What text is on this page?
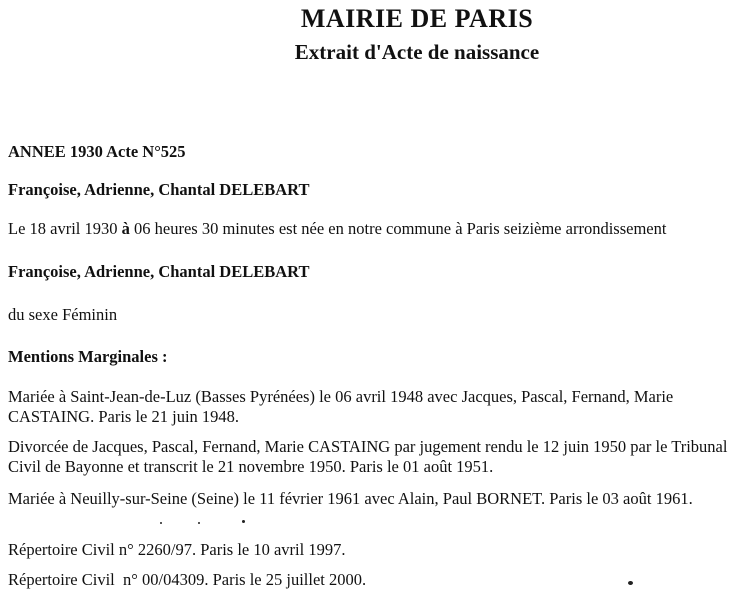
MAIRIE DE PARIS
Extrait d'Acte de naissance
ANNEE 1930 Acte N°525
Françoise, Adrienne, Chantal DELEBART
Le 18 avril 1930 à 06 heures 30 minutes est née en notre commune à Paris seizième arrondissement
Françoise, Adrienne, Chantal DELEBART
du sexe Féminin
Mentions Marginales :
Mariée à Saint-Jean-de-Luz (Basses Pyrénées) le 06 avril 1948 avec Jacques, Pascal, Fernand, Marie CASTAING. Paris le 21 juin 1948.
Divorcée de Jacques, Pascal, Fernand, Marie CASTAING par jugement rendu le 12 juin 1950 par le Tribunal Civil de Bayonne et transcrit le 21 novembre 1950. Paris le 01 août 1951.
Mariée à Neuilly-sur-Seine (Seine) le 11 février 1961 avec Alain, Paul BORNET. Paris le 03 août 1961.
Répertoire Civil n° 2260/97. Paris le 10 avril 1997.
Répertoire Civil  n° 00/04309. Paris le 25 juillet 2000.
